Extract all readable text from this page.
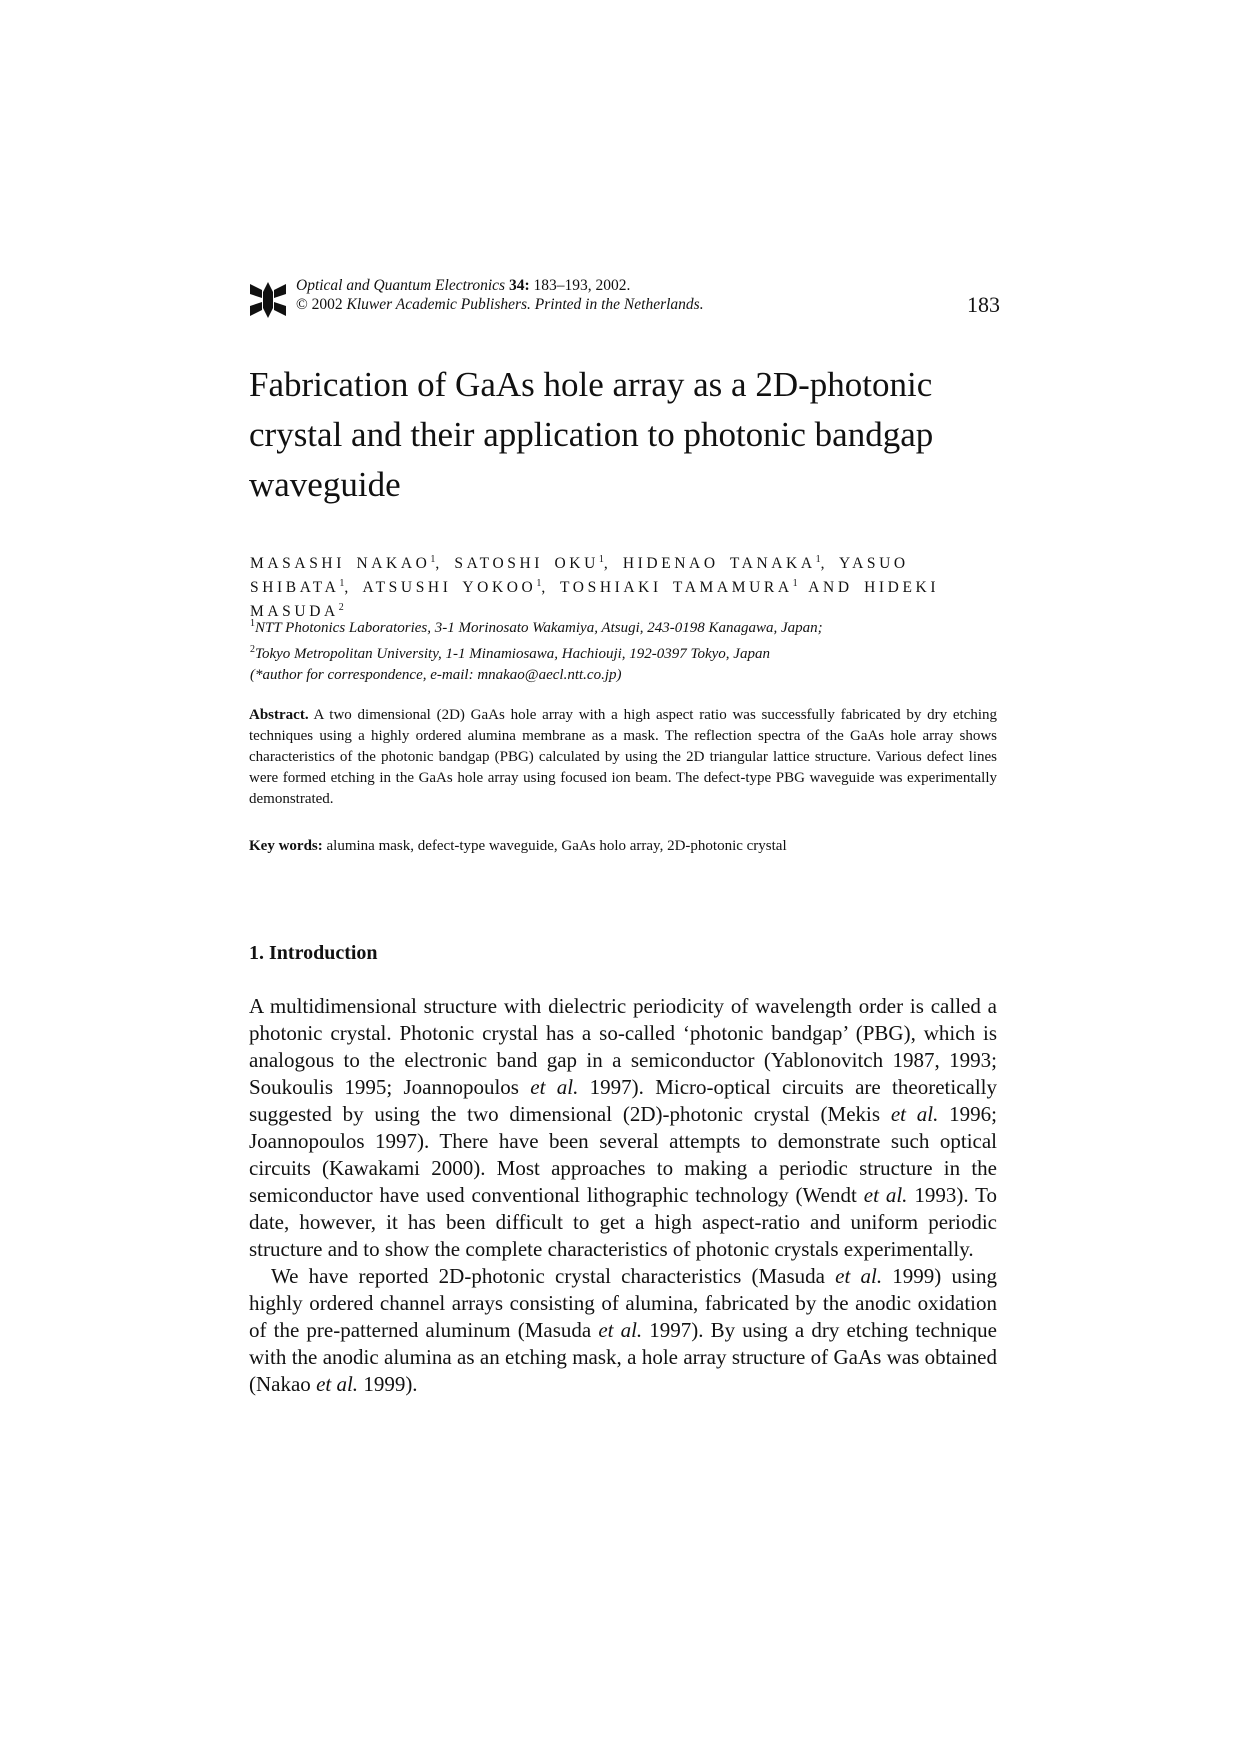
Optical and Quantum Electronics 34: 183–193, 2002.
© 2002 Kluwer Academic Publishers. Printed in the Netherlands.	183
Fabrication of GaAs hole array as a 2D-photonic crystal and their application to photonic bandgap waveguide
MASASHI NAKAO$^1$, SATOSHI OKU$^1$, HIDENAO TANAKA$^1$, YASUO SHIBATA$^1$, ATSUSHI YOKOO$^1$, TOSHIAKI TAMAMURA$^1$ AND HIDEKI MASUDA$^2$
$^1$NTT Photonics Laboratories, 3-1 Morinosato Wakamiya, Atsugi, 243-0198 Kanagawa, Japan;
$^2$Tokyo Metropolitan University, 1-1 Minamiosawa, Hachiouji, 192-0397 Tokyo, Japan
(*author for correspondence, e-mail: mnakao@aecl.ntt.co.jp)
Abstract. A two dimensional (2D) GaAs hole array with a high aspect ratio was successfully fabricated by dry etching techniques using a highly ordered alumina membrane as a mask. The reflection spectra of the GaAs hole array shows characteristics of the photonic bandgap (PBG) calculated by using the 2D triangular lattice structure. Various defect lines were formed etching in the GaAs hole array using focused ion beam. The defect-type PBG waveguide was experimentally demonstrated.
Key words: alumina mask, defect-type waveguide, GaAs holo array, 2D-photonic crystal
1. Introduction

A multidimensional structure with dielectric periodicity of wavelength order is called a photonic crystal. Photonic crystal has a so-called ‘photonic bandgap’ (PBG), which is analogous to the electronic band gap in a semiconductor (Yablonovitch 1987, 1993; Soukoulis 1995; Joannopoulos et al. 1997). Micro-optical circuits are theoretically suggested by using the two dimensional (2D)-photonic crystal (Mekis et al. 1996; Joannopoulos 1997). There have been several attempts to demonstrate such optical circuits (Kawakami 2000). Most approaches to making a periodic structure in the semiconductor have used conventional lithographic technology (Wendt et al. 1993). To date, however, it has been difficult to get a high aspect-ratio and uniform periodic structure and to show the complete characteristics of photonic crystals experimentally.

We have reported 2D-photonic crystal characteristics (Masuda et al. 1999) using highly ordered channel arrays consisting of alumina, fabricated by the anodic oxidation of the pre-patterned aluminum (Masuda et al. 1997). By using a dry etching technique with the anodic alumina as an etching mask, a hole array structure of GaAs was obtained (Nakao et al. 1999).
